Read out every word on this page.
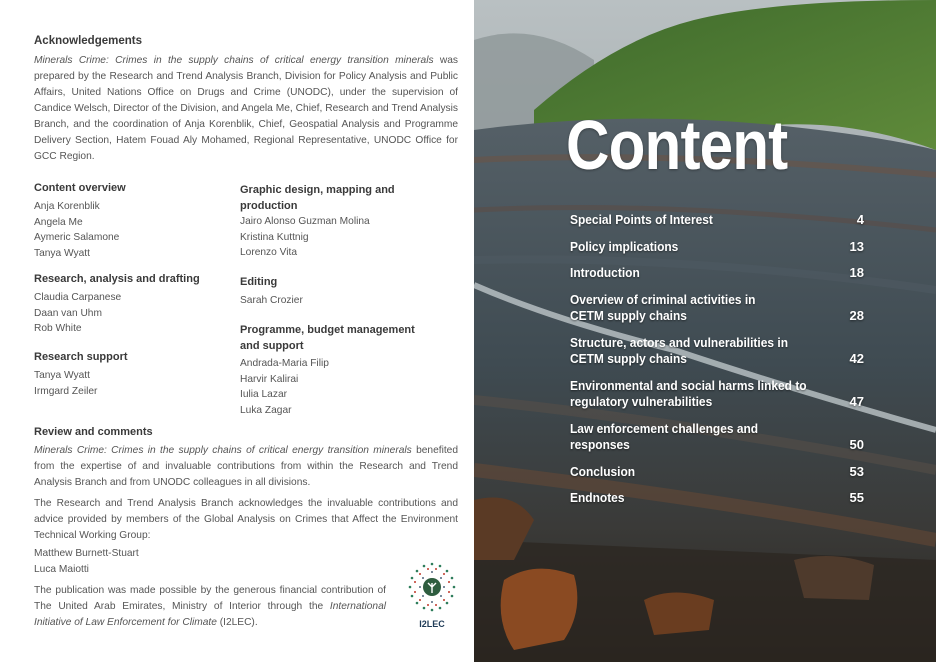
Acknowledgements
Minerals Crime: Crimes in the supply chains of critical energy transition minerals was prepared by the Research and Trend Analysis Branch, Division for Policy Analysis and Public Affairs, United Nations Office on Drugs and Crime (UNODC), under the supervision of Candice Welsch, Director of the Division, and Angela Me, Chief, Research and Trend Analysis Branch, and the coordination of Anja Korenblik, Chief, Geospatial Analysis and Programme Delivery Section, Hatem Fouad Aly Mohamed, Regional Representative, UNODC Office for GCC Region.
Content overview
Anja Korenblik
Angela Me
Aymeric Salamone
Tanya Wyatt
Research, analysis and drafting
Claudia Carpanese
Daan van Uhm
Rob White
Research support
Tanya Wyatt
Irmgard Zeiler
Graphic design, mapping and
production
Jairo Alonso Guzman Molina
Kristina Kuttnig
Lorenzo Vita
Editing
Sarah Crozier
Programme, budget management
and support
Andrada-Maria Filip
Harvir Kalirai
Iulia Lazar
Luka Zagar
Review and comments
Minerals Crime: Crimes in the supply chains of critical energy transition minerals benefited from the expertise of and invaluable contributions from within the Research and Trend Analysis Branch and from UNODC colleagues in all divisions.
The Research and Trend Analysis Branch acknowledges the invaluable contributions and advice provided by members of the Global Analysis on Crimes that Affect the Environment Technical Working Group:
Matthew Burnett-Stuart
Luca Maiotti
The publication was made possible by the generous financial contribution of The United Arab Emirates, Ministry of Interior through the International Initiative of Law Enforcement for Climate (I2LEC).	I2LEC
Content
Special Points of Interest	4
Policy implications	13
Introduction	18
Overview of criminal activities in
CETM supply chains	28
Structure, actors and vulnerabilities in
CETM supply chains	42
Environmental and social harms linked to
regulatory vulnerabilities	47
Law enforcement challenges and responses	50
Conclusion	53
Endnotes	55
